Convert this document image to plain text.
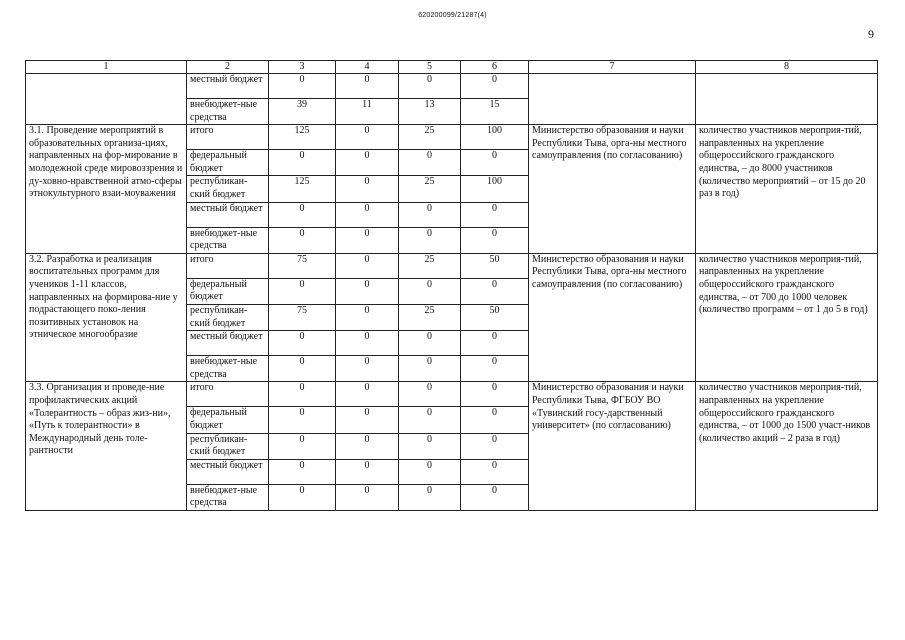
620200099/21287(4)
9
1	2	3	4	5	6	7	8
	местный бюджет	0	0	0	0		
	внебюджет-ные средства	39	11	13	15		
3.1. Проведение мероприятий в образовательных организа-циях, направленных на фор-мирование в молодежной среде мировоззрения и ду-ховно-нравственной атмо-сферы этнокультурного взаи-моуважения	итого	125	0	25	100	Министерство образования и науки Республики Тыва, орга-ны местного самоуправления (по согласованию)	количество участников мероприя-тий, направленных на укрепление общероссийского гражданского единства, – до 8000 участников (количество мероприятий – от 15 до 20 раз в год)
	федеральный бюджет	0	0	0	0		
	республикан-ский бюджет	125	0	25	100		
	местный бюджет	0	0	0	0		
	внебюджет-ные средства	0	0	0	0		
3.2. Разработка и реализация воспитательных программ для учеников 1-11 классов, направленных на формирова-ние у подрастающего поко-ления позитивных установок на этническое многообразие	итого	75	0	25	50	Министерство образования и науки Республики Тыва, орга-ны местного самоуправления (по согласованию)	количество участников мероприя-тий, направленных на укрепление общероссийского гражданского единства, – от 700 до 1000 человек (количество программ – от 1 до 5 в год)
	федеральный бюджет	0	0	0	0		
	республикан-ский бюджет	75	0	25	50		
	местный бюджет	0	0	0	0		
	внебюджет-ные средства	0	0	0	0		
3.3. Организация и проведе-ние профилактических акций «Толерантность – образ жиз-ни», «Путь к толерантности» в Международный день толе-рантности	итого	0	0	0	0	Министерство образования и науки Республики Тыва, ФГБОУ ВО «Тувинский госу-дарственный университет» (по согласованию)	количество участников мероприя-тий, направленных на укрепление общероссийского гражданского единства, – от 1000 до 1500 участ-ников (количество акций – 2 раза в год)
	федеральный бюджет	0	0	0	0		
	республикан-ский бюджет	0	0	0	0		
	местный бюджет	0	0	0	0		
	внебюджет-ные средства	0	0	0	0		
